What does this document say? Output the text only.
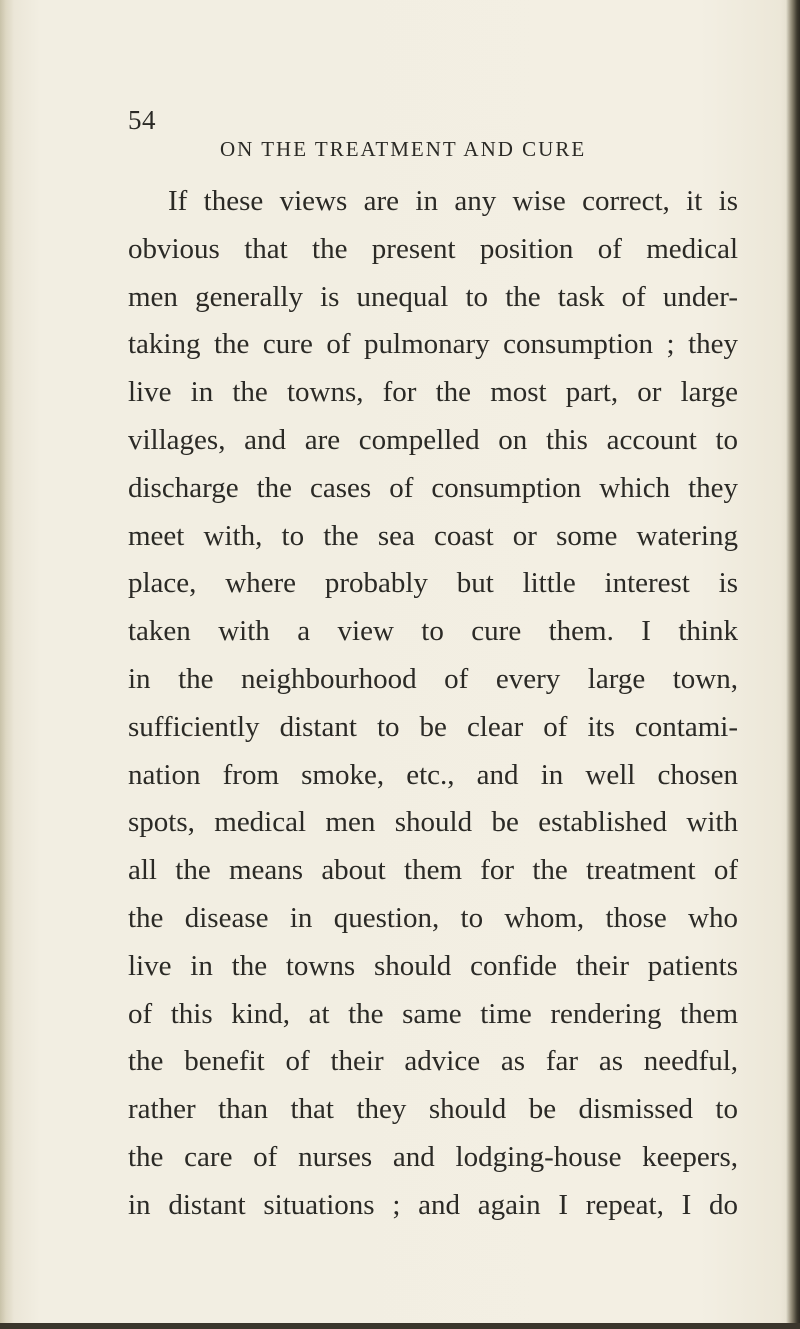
54
ON THE TREATMENT AND CURE
If these views are in any wise correct, it is
obvious that the present position of medical
men generally is unequal to the task of under-
taking the cure of pulmonary consumption ; they
live in the towns, for the most part, or large
villages, and are compelled on this account to
discharge the cases of consumption which they
meet with, to the sea coast or some watering
place, where probably but little interest is
taken with a view to cure them. I think
in the neighbourhood of every large town,
sufficiently distant to be clear of its contami-
nation from smoke, etc., and in well chosen
spots, medical men should be established with
all the means about them for the treatment of
the disease in question, to whom, those who
live in the towns should confide their patients
of this kind, at the same time rendering them
the benefit of their advice as far as needful,
rather than that they should be dismissed to
the care of nurses and lodging-house keepers,
in distant situations ; and again I repeat, I do
